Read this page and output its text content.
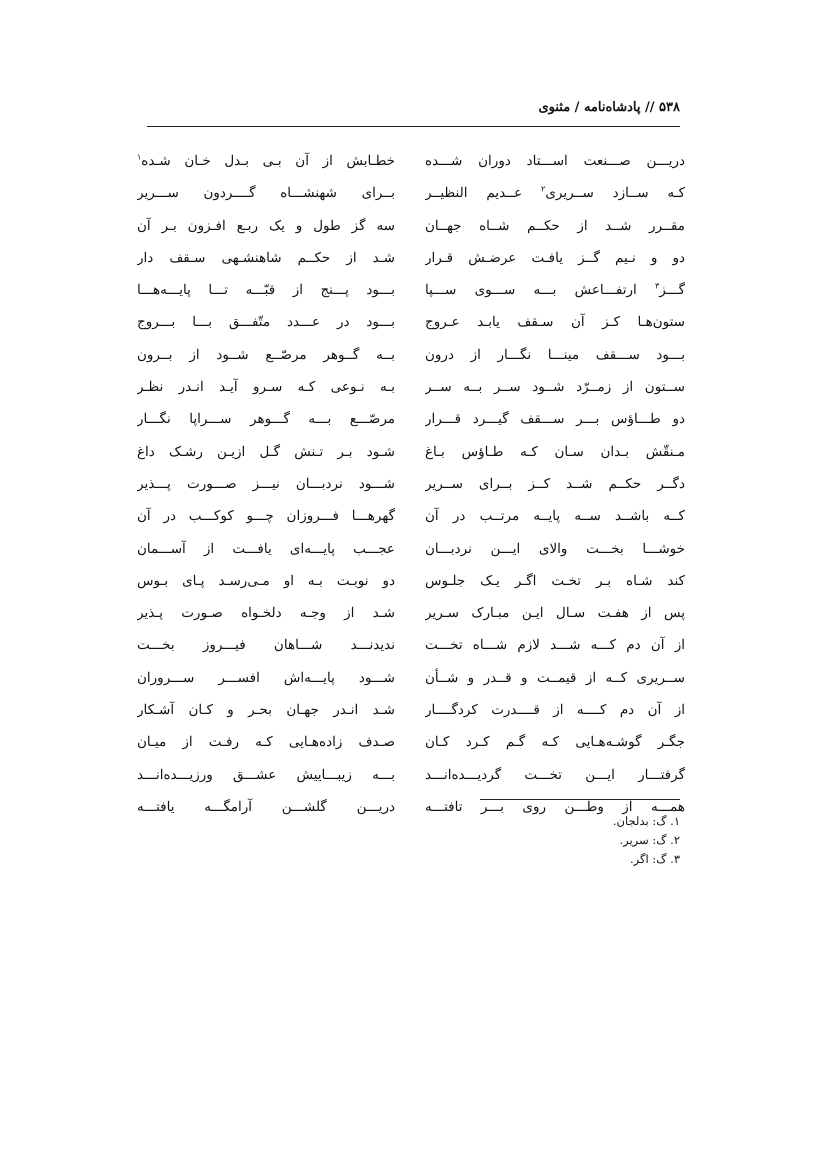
۵۳۸ // پادشاه‌نامه / مثنوی
دریـــن صـــنعت اســـتاد دوران شـــده
خطـابش از آن بـی بـدل خـان شـده$^۱$
کـه ســازد ســریری$^۲$ عــدیم النظیــر
بــرای شهنشـــاه گــــردون ســـریر
مقــرر شــد از حکــم شــاه جهــان
سه گز طول و یک ربـع افـزون بـر آن
دو و نـیم گــز یافـت عرضـش قـرار
شـد از حکــم شاهنشـهی سـقف دار
گـــز$^۳$ ارتفـــاعش بـــه ســـوی ســـپا
بـــود پـــنج از قبّـــه تـــا پایـــه‌هـــا
ستون‌هـا کـز آن سـقف یابـد عـروج
بـــود در عـــدد متّفـــق بـــا بـــروج
بـــود ســـقف مینـــا نگـــار از درون
بــه گــوهر مرصّــع شــود از بــرون
ســتون از زمــرّد شــود ســر بــه ســر
بـه نـوعی کـه سـرو آیـد انـدر نظـر
دو طـــاؤس بـــر ســـقف گیـــرد قـــرار
مرصّـــع بـــه گـــوهر ســـراپا نگـــار
مـنقّش بـدان سـان کـه طـاؤس بـاغ
شـود بـر تـنش گـل ازیـن رشـک داغ
دگــر حکــم شــد کــز بــرای ســریر
شـــود نردبـــان نیـــز صـــورت پـــذیر
کــه باشــد ســه پایــه مرتــب در آن
گهرهـــا فـــروزان چـــو کوکـــب در آن
خوشـــا بخـــت والای ایـــن نردبـــان
عجـــب پایـــه‌ای یافـــت از آســـمان
کند شـاه بـر تخـت اگـر یـک جلـوس
دو نوبـت بـه او مـی‌رسـد پـای بـوس
پس از هفـت سـال ایـن مبـارک سـریر
شـد از وجـه دلخـواه صـورت پـذیر
از آن دم کـــه شـــد لازم شـــاه تخـــت
ندیدنـــد شـــاهان فیـــروز بخـــت
ســریری کــه از قیمــت و قــدر و شــأن
شـــود پایـــه‌اش افســـر ســـروران
از آن دم کــــه از قــــدرت کردگــــار
شـد انـدر جهـان بحـر و کـان آشـکار
جگـر گوشـه‌هـایی کـه گـم کـرد کـان
صـدف زاده‌هـایی کـه رفـت از میـان
گرفتـــار ایـــن تخـــت گردیـــده‌انـــد
بـــه زیبـــاییش عشـــق ورزیـــده‌انـــد
همـــه از وطـــن روی بـــر تافتـــه
دریـــن گلشـــن آرامگـــه یافتـــه
۱. گ: بدلجان.
۲. گ: سریر.
۳. گ: اگر.
